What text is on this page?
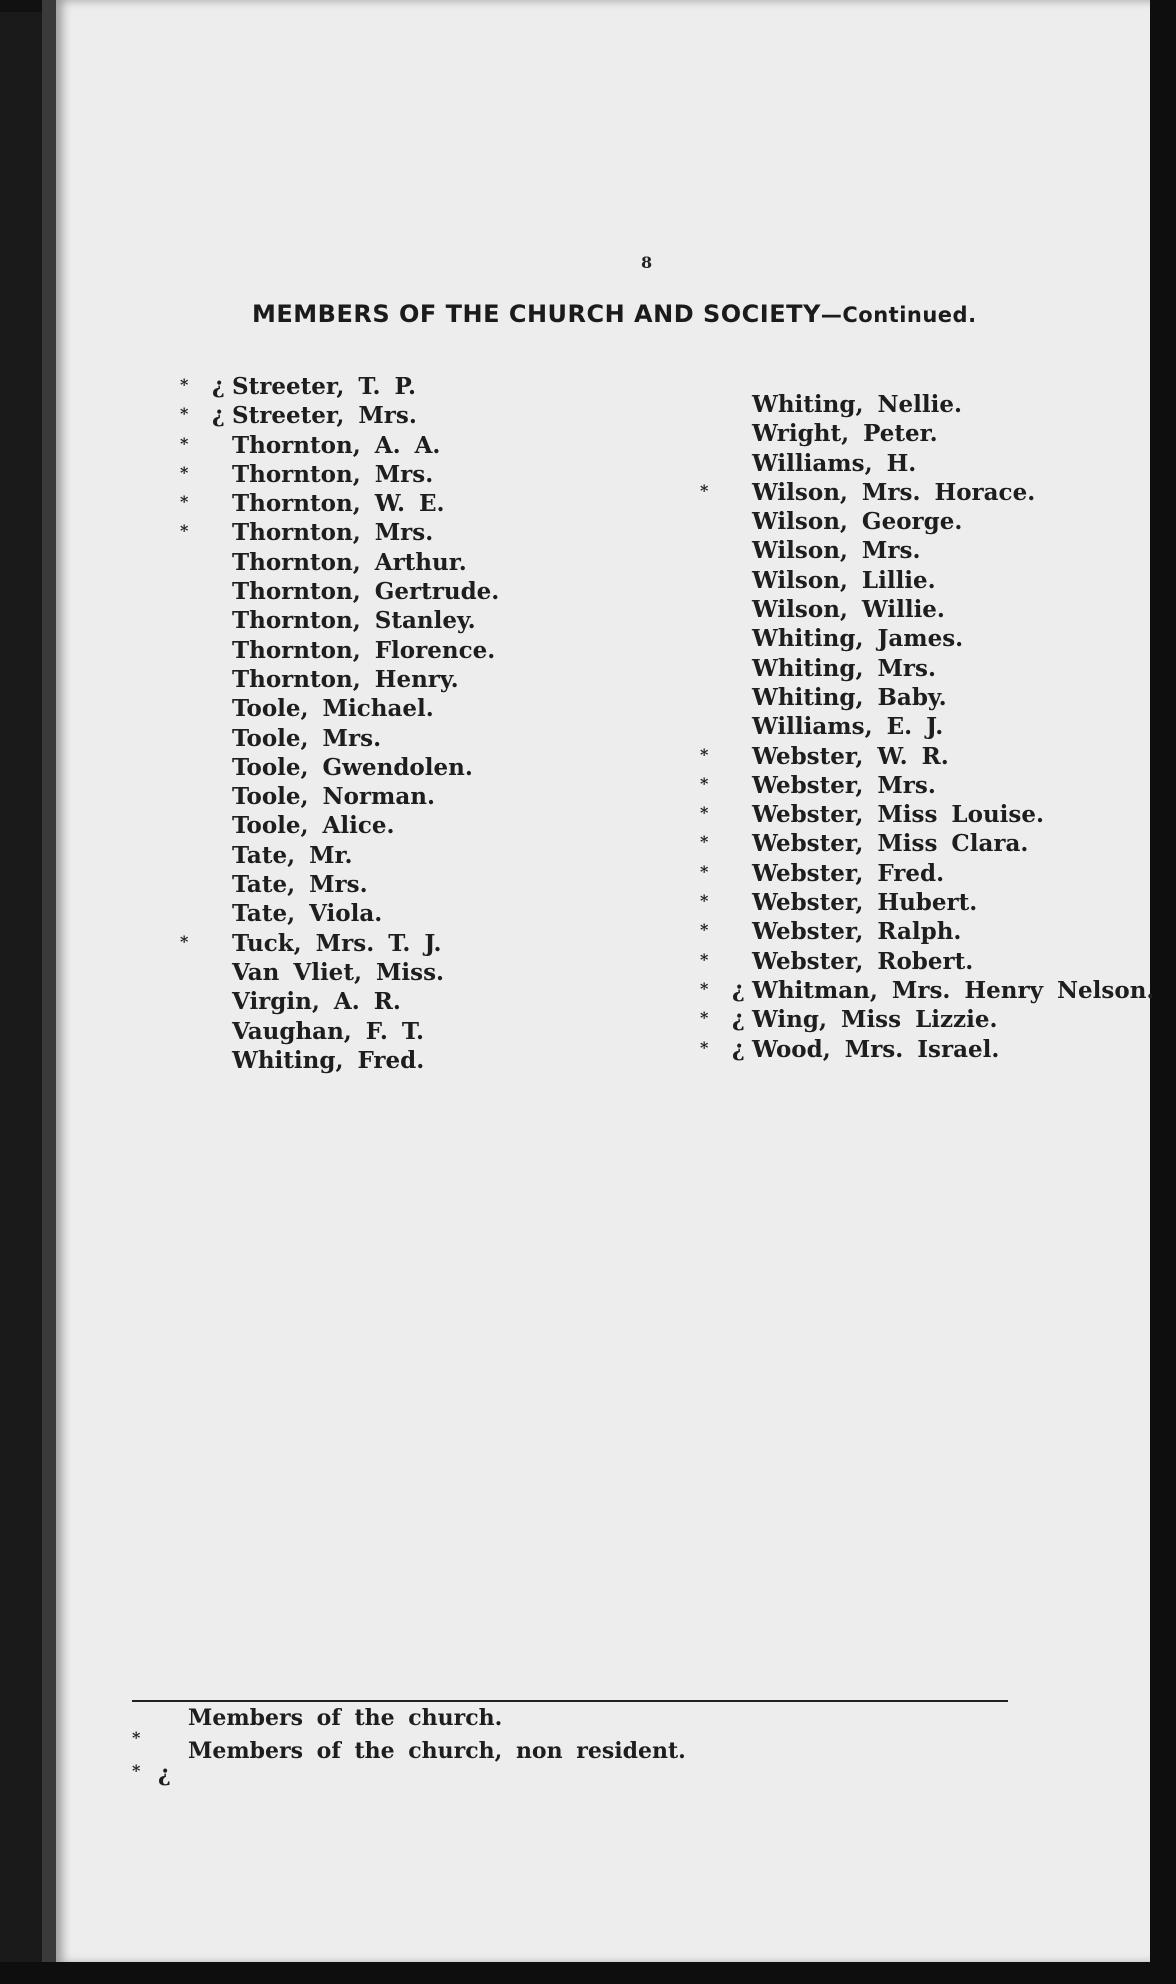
8
MEMBERS OF THE CHURCH AND SOCIETY—Continued.
* ¿ Streeter, T. P.
* ¿ Streeter, Mrs.
* Thornton, A. A.
* Thornton, Mrs.
* Thornton, W. E.
* Thornton, Mrs.
Thornton, Arthur.
Thornton, Gertrude.
Thornton, Stanley.
Thornton, Florence.
Thornton, Henry.
Toole, Michael.
Toole, Mrs.
Toole, Gwendolen.
Toole, Norman.
Toole, Alice.
Tate, Mr.
Tate, Mrs.
Tate, Viola.
* Tuck, Mrs. T. J.
Van Vliet, Miss.
Virgin, A. R.
Vaughan, F. T.
Whiting, Fred.
Whiting, Nellie.
Wright, Peter.
Williams, H.
* Wilson, Mrs. Horace.
Wilson, George.
Wilson, Mrs.
Wilson, Lillie.
Wilson, Willie.
Whiting, James.
Whiting, Mrs.
Whiting, Baby.
Williams, E. J.
* Webster, W. R.
* Webster, Mrs.
* Webster, Miss Louise.
* Webster, Miss Clara.
* Webster, Fred.
* Webster, Hubert.
* Webster, Ralph.
* Webster, Robert.
* ¿ Whitman, Mrs. Henry Nelson.
* ¿ Wing, Miss Lizzie.
* ¿ Wood, Mrs. Israel.
*
Members of the church.
* ¿
Members of the church, non resident.
